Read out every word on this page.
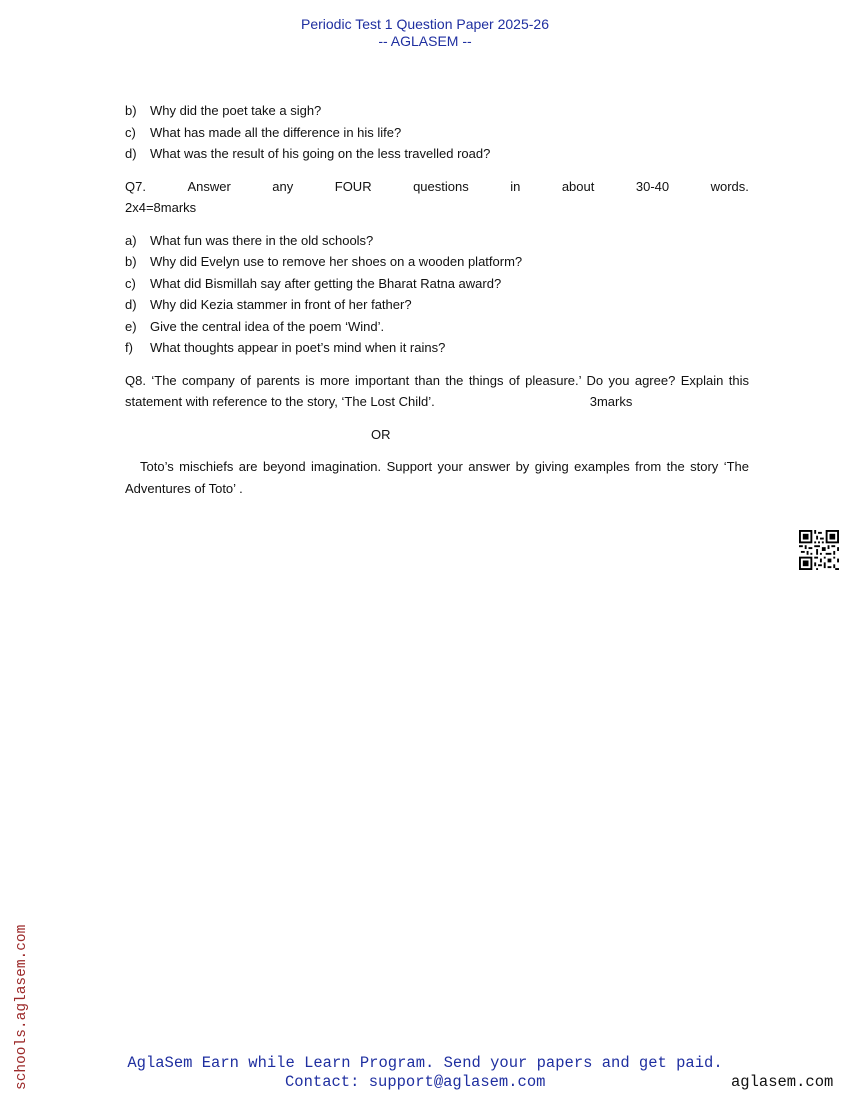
Periodic Test 1 Question Paper 2025-26
-- AGLASEM --
b)	Why did the poet take a sigh?
c)	What has made all the difference in his life?
d)	What was the result of his going on the less travelled road?
Q7.	Answer	any	FOUR	questions	in	about	30-40	words.
2x4=8marks
a)	What fun was there in the old schools?
b)	Why did Evelyn use to remove her shoes on a wooden platform?
c)	What did Bismillah say after getting the Bharat Ratna award?
d)	Why did Kezia stammer in front of her father?
e)	Give the central idea of the poem ‘Wind’.
f)	What thoughts appear in poet’s mind when it rains?
Q8. ‘The company of parents is more important than the things of pleasure.’ Do you agree? Explain this statement with reference to the story, ‘The Lost Child’.	3marks
OR
Toto’s mischiefs are beyond imagination. Support your answer by giving examples from the story ‘The Adventures of Toto’ .
schools.aglasem.com	AglaSem Earn while Learn Program. Send your papers and get paid.
Contact: support@aglasem.com	aglasem.com
